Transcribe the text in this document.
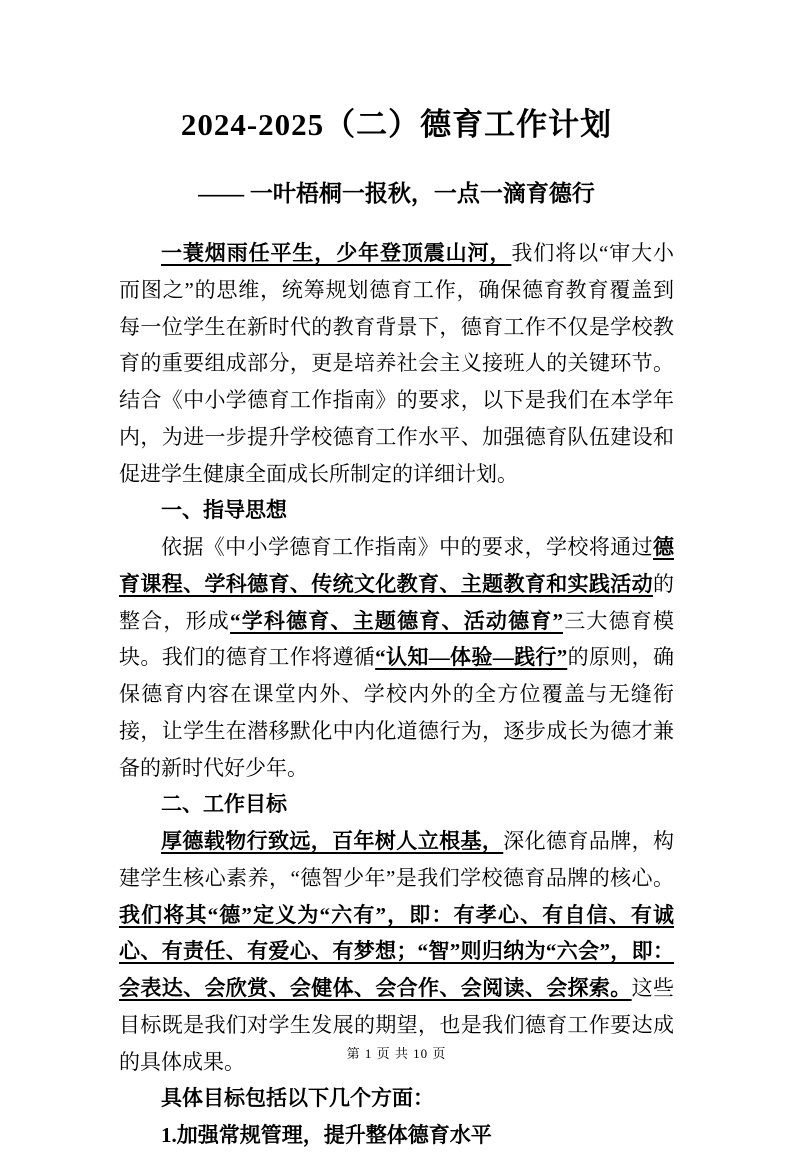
2024-2025（二）德育工作计划
—— 一叶梧桐一报秋，一点一滴育德行

一蓑烟雨任平生，少年登顶震山河，我们将以“审大小而图之”的思维，统筹规划德育工作，确保德育教育覆盖到每一位学生在新时代的教育背景下，德育工作不仅是学校教育的重要组成部分，更是培养社会主义接班人的关键环节。结合《中小学德育工作指南》的要求，以下是我们在本学年内，为进一步提升学校德育工作水平、加强德育队伍建设和促进学生健康全面成长所制定的详细计划。

一、指导思想

依据《中小学德育工作指南》中的要求，学校将通过德育课程、学科德育、传统文化教育、主题教育和实践活动的整合，形成“学科德育、主题德育、活动德育”三大德育模块。我们的德育工作将遵循“认知—体验—践行”的原则，确保德育内容在课堂内外、学校内外的全方位覆盖与无缝衔接，让学生在潜移默化中内化道德行为，逐步成长为德才兼备的新时代好少年。

二、工作目标

厚德载物行致远，百年树人立根基，深化德育品牌，构建学生核心素养，“德智少年”是我们学校德育品牌的核心。我们将其“德”定义为“六有”，即：有孝心、有自信、有诚心、有责任、有爱心、有梦想；“智”则归纳为“六会”，即：会表达、会欣赏、会健体、会合作、会阅读、会探索。这些目标既是我们对学生发展的期望，也是我们德育工作要达成的具体成果。

具体目标包括以下几个方面：

1.加强常规管理，提升整体德育水平

第 1 页 共 10 页
